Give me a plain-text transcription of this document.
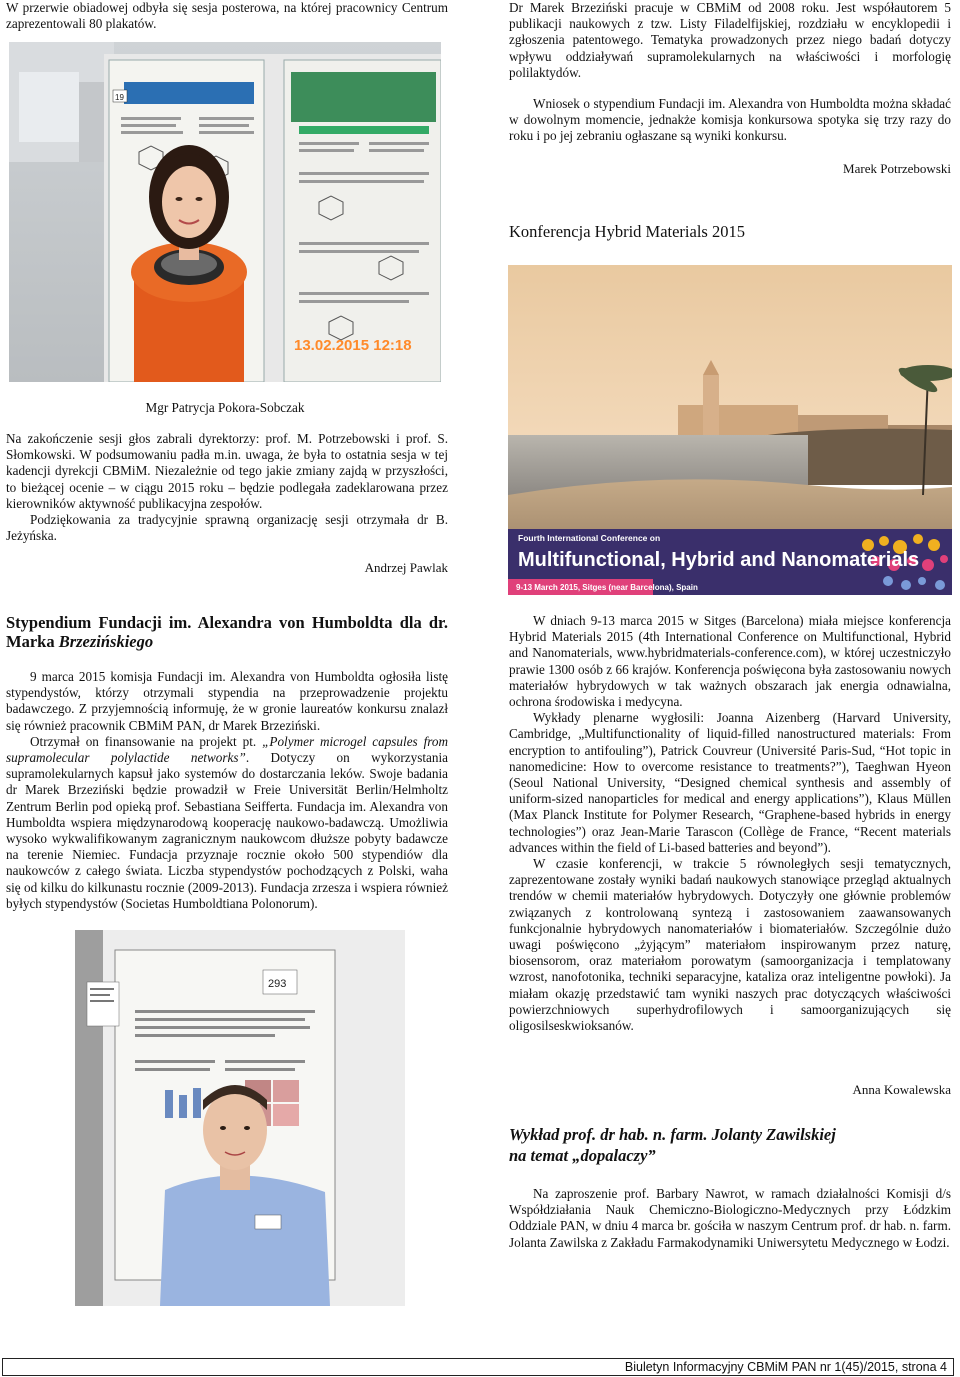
W przerwie obiadowej odbyła się sesja posterowa, na której pracownicy Centrum zaprezentowali 80 plakatów.

19
13.02.2015 12:18

Mgr Patrycja Pokora-Sobczak

Na zakończenie sesji głos zabrali dyrektorzy: prof. M. Potrzebowski i prof. S. Słomkowski. W podsumowaniu padła m.in. uwaga, że była to ostatnia sesja w tej kadencji dyrekcji CBMiM. Niezależnie od tego jakie zmiany zajdą w przyszłości, to bieżącej ocenie – w ciągu 2015 roku – będzie podlegała zadeklarowana przez kierowników aktywność publikacyjna zespołów.

Podziękowania za tradycyjnie sprawną organizację sesji otrzymała dr B. Jeżyńska.

Andrzej Pawlak

Dr Marek Brzeziński pracuje w CBMiM od 2008 roku. Jest współautorem 5 publikacji naukowych z tzw. Listy Filadelfijskiej, rozdziału w encyklopedii i zgłoszenia patentowego. Tematyka prowadzonych przez niego badań dotyczy wpływu oddziaływań supramolekularnych na właściwości i morfologię polilaktydów.

Wniosek o stypendium Fundacji im. Alexandra von Humboldta można składać w dowolnym momencie, jednakże komisja konkursowa spotyka się trzy razy do roku i po jej zebraniu ogłaszane są wyniki konkursu.

Marek Potrzebowski

Konferencja Hybrid Materials 2015

Fourth International Conference on
Multifunctional, Hybrid and Nanomaterials
9-13 March 2015, Sitges (near Barcelona), Spain
Stypendium Fundacji im. Alexandra von Humboldta dla dr. Marka Brzezińskiego

9 marca 2015 komisja Fundacji im. Alexandra von Humboldta ogłosiła listę stypendystów, którzy otrzymali stypendia na przeprowadzenie projektu badawczego. Z przyjemnością informuję, że w gronie laureatów konkursu znalazł się również pracownik CBMiM PAN, dr Marek Brzeziński.

Otrzymał on finansowanie na projekt pt. „Polymer microgel capsules from supramolecular polylactide networks”. Dotyczy on wykorzystania supramolekularnych kapsuł jako systemów do dostarczania leków. Swoje badania dr Marek Brzeziński będzie prowadził w Freie Universität Berlin/Helmholtz Zentrum Berlin pod opieką prof. Sebastiana Seifferta. Fundacja im. Alexandra von Humboldta wspiera międzynarodową kooperację naukowo-badawczą. Umożliwia wysoko wykwalifikowanym zagranicznym naukowcom dłuższe pobyty badawcze na terenie Niemiec. Fundacja przyznaje rocznie około 500 stypendiów dla naukowców z całego świata. Liczba stypendystów pochodzących z Polski, waha się od kilku do kilkunastu rocznie (2009-2013). Fundacja zrzesza i wspiera również byłych stypendystów (Societas Humboldtiana Polonorum).

293

W dniach 9-13 marca 2015 w Sitges (Barcelona) miała miejsce konferencja Hybrid Materials 2015 (4th International Conference on Multifunctional, Hybrid and Nanomaterials, www.hybridmaterials-conference.com), w której uczestniczyło prawie 1300 osób z 66 krajów. Konferencja poświęcona była zastosowaniu nowych materiałów hybrydowych w tak ważnych obszarach jak energia odnawialna, ochrona środowiska i medycyna.

Wykłady plenarne wygłosili: Joanna Aizenberg (Harvard University, Cambridge, „Multifunctionality of liquid-filled nanostructured materials: From encryption to antifouling”), Patrick Couvreur (Université Paris-Sud, “Hot topic in nanomedicine: How to overcome resistance to treatments?”), Taeghwan Hyeon (Seoul National University, “Designed chemical synthesis and assembly of uniform-sized nanoparticles for medical and energy applications”), Klaus Müllen (Max Planck Institute for Polymer Research, “Graphene-based hybrids in energy technologies”) oraz Jean-Marie Tarascon (Collège de France, “Recent materials advances within the field of Li-based batteries and beyond”).

W czasie konferencji, w trakcie 5 równoległych sesji tematycznych, zaprezentowane zostały wyniki badań naukowych stanowiące przegląd aktualnych trendów w chemii materiałów hybrydowych. Dotyczyły one głównie problemów związanych z kontrolowaną syntezą i zastosowaniem zaawansowanych funkcjonalnie hybrydowych nanomateriałów i biomateriałów. Szczególnie dużo uwagi poświęcono „żyjącym” materiałom inspirowanym przez naturę, biosensorom, oraz materiałom porowatym (samoorganizacja i templatowany wzrost, nanofotonika, techniki separacyjne, kataliza oraz inteligentne powłoki). Ja miałam okazję przedstawić tam wyniki naszych prac dotyczących właściwości powierzchniowych superhydrofilowych i samoorganizujących się oligosilseskwioksanów.

Anna Kowalewska

Wykład prof. dr hab. n. farm. Jolanty Zawilskiej

na temat „dopalaczy”

Na zaproszenie prof. Barbary Nawrot, w ramach działalności Komisji d/s Współdziałania Nauk Chemiczno-Biologiczno-Medycznych przy Łódzkim Oddziale PAN, w dniu 4 marca br. gościła w naszym Centrum prof. dr hab. n. farm. Jolanta Zawilska z Zakładu Farmakodynamiki Uniwersytetu Medycznego w Łodzi.

Biuletyn Informacyjny CBMiM PAN nr 1(45)/2015, strona 4
